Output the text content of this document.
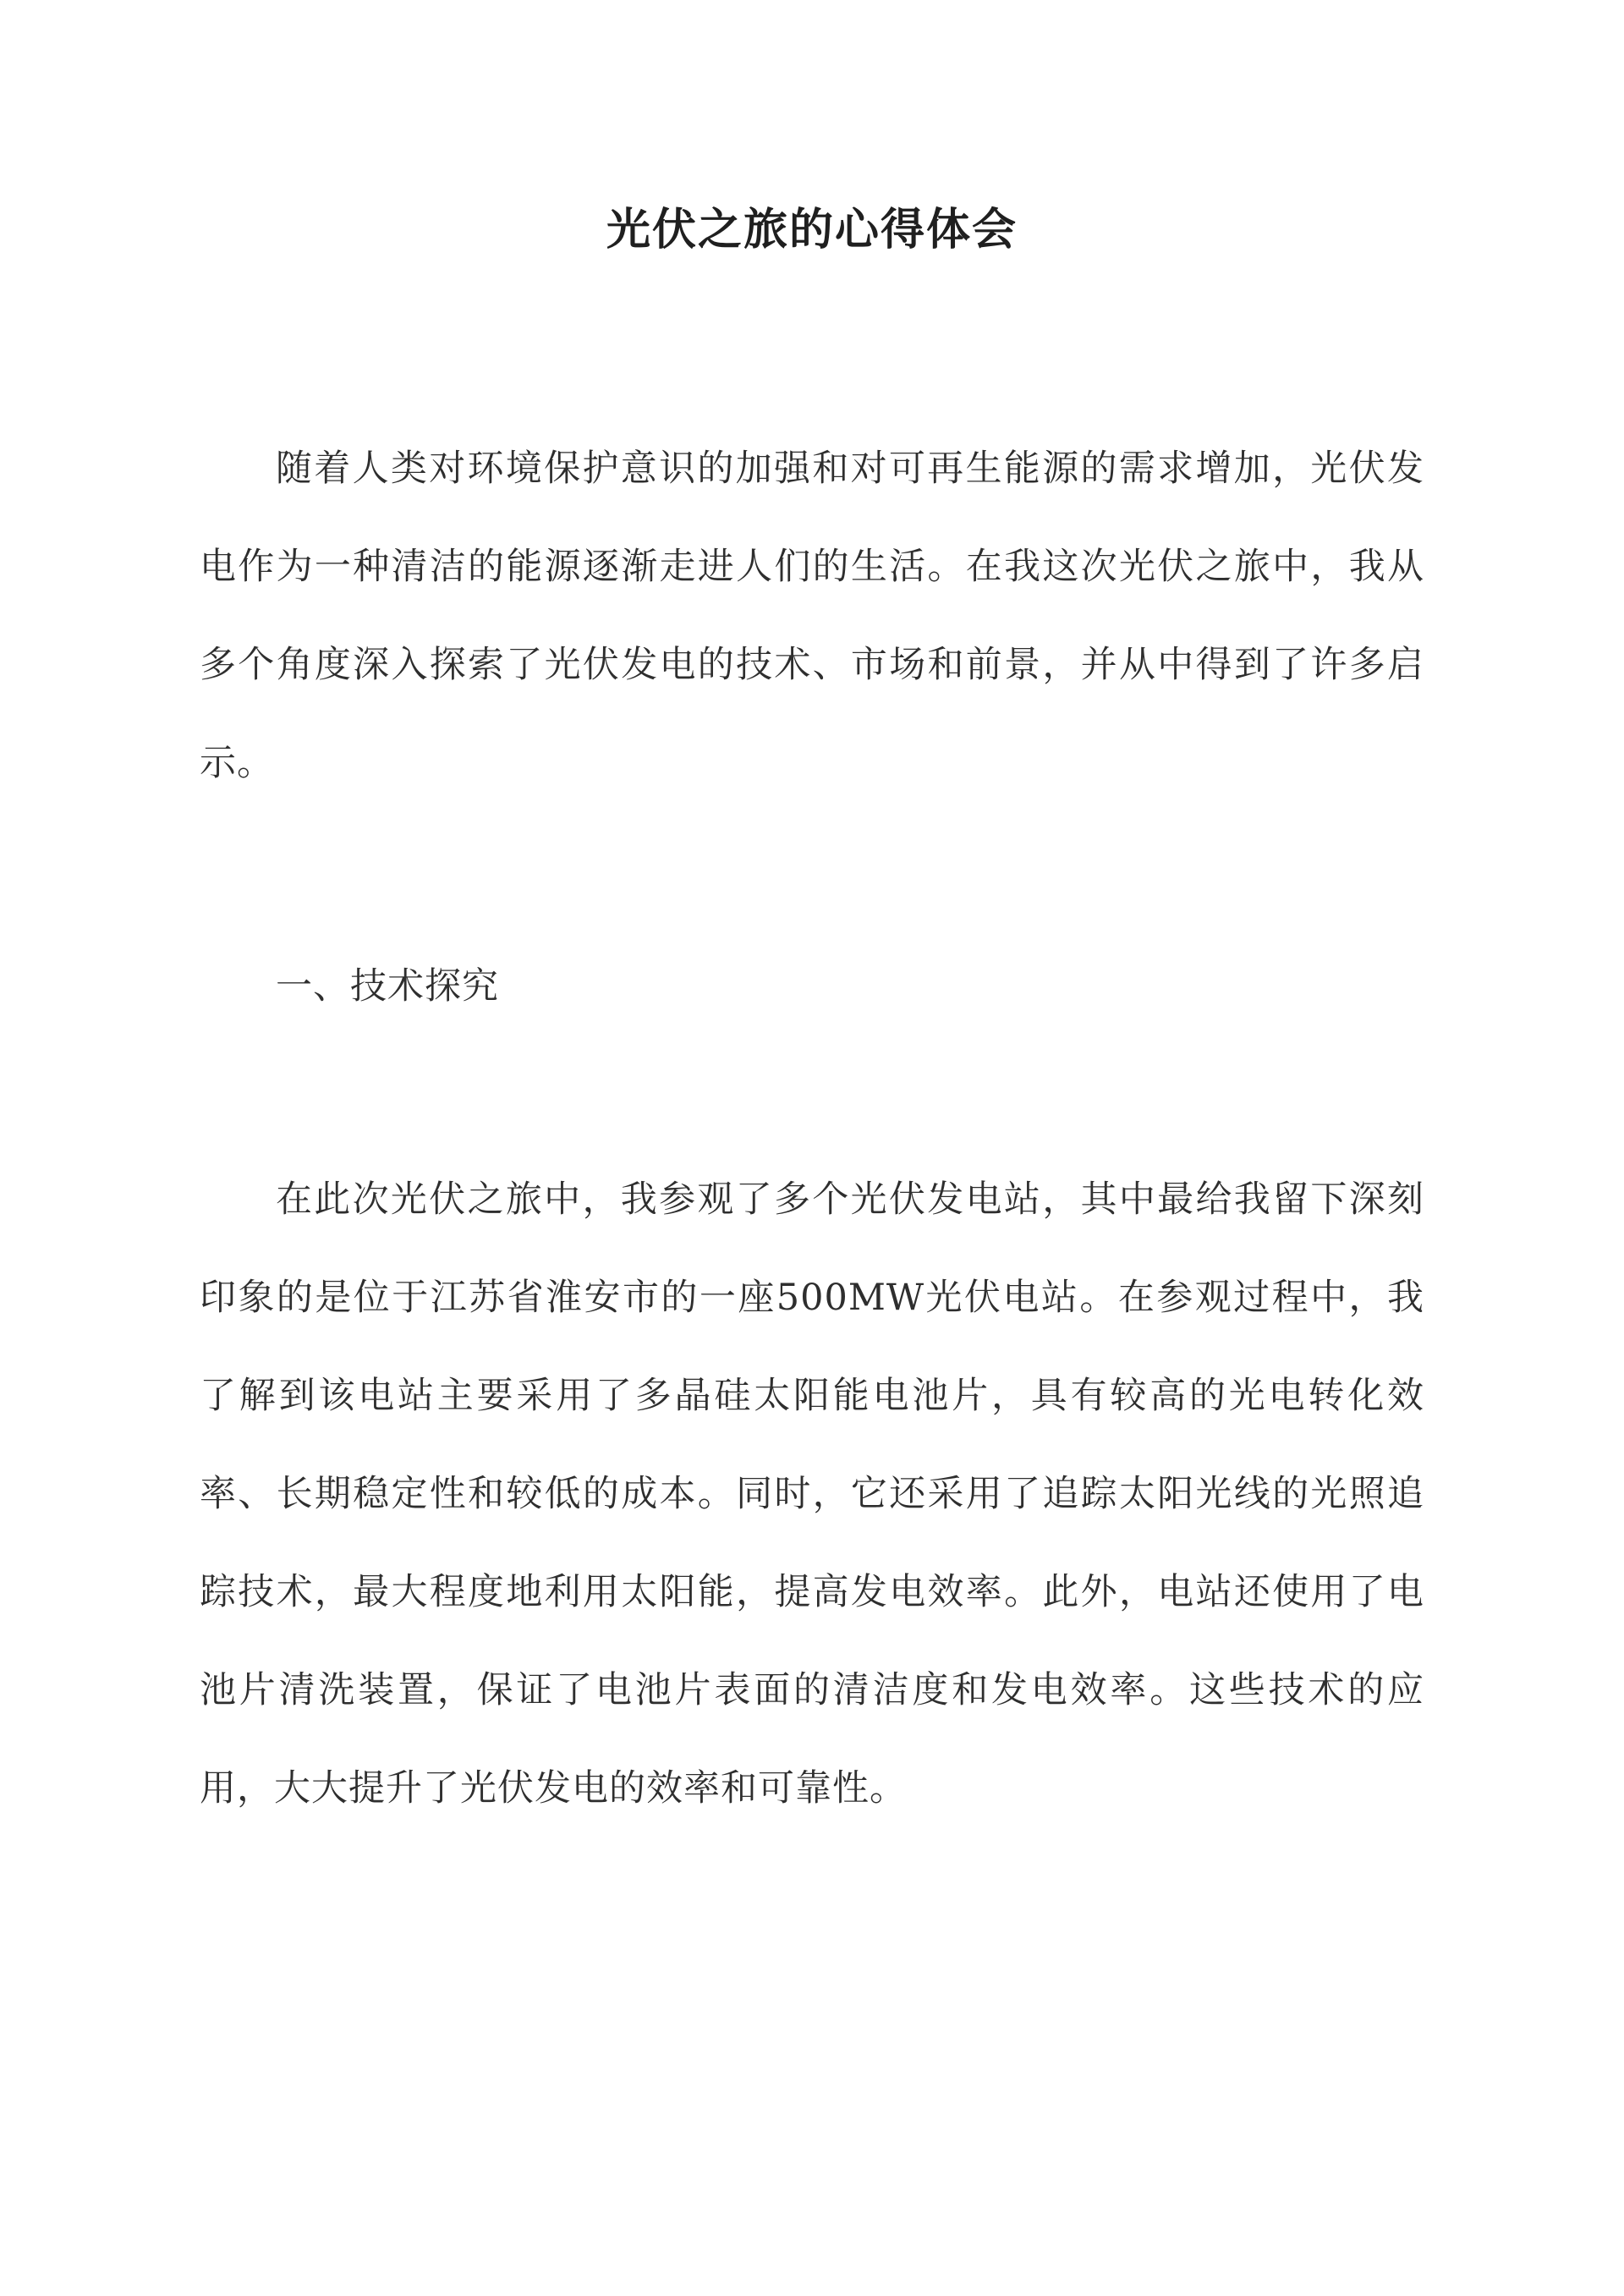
光伏之旅的心得体会

随着人类对环境保护意识的加强和对可再生能源的需求增加，光伏发电作为一种清洁的能源逐渐走进人们的生活。在我这次光伏之旅中，我从多个角度深入探索了光伏发电的技术、市场和前景，并从中得到了许多启示。

一、技术探究

在此次光伏之旅中，我参观了多个光伏发电站，其中最给我留下深刻印象的是位于江苏省淮安市的一座500MW光伏电站。在参观过程中，我了解到该电站主要采用了多晶硅太阳能电池片，具有较高的光电转化效率、长期稳定性和较低的成本。同时，它还采用了追踪太阳光线的光照追踪技术，最大程度地利用太阳能，提高发电效率。此外，电站还使用了电池片清洗装置，保证了电池片表面的清洁度和发电效率。这些技术的应用，大大提升了光伏发电的效率和可靠性。
